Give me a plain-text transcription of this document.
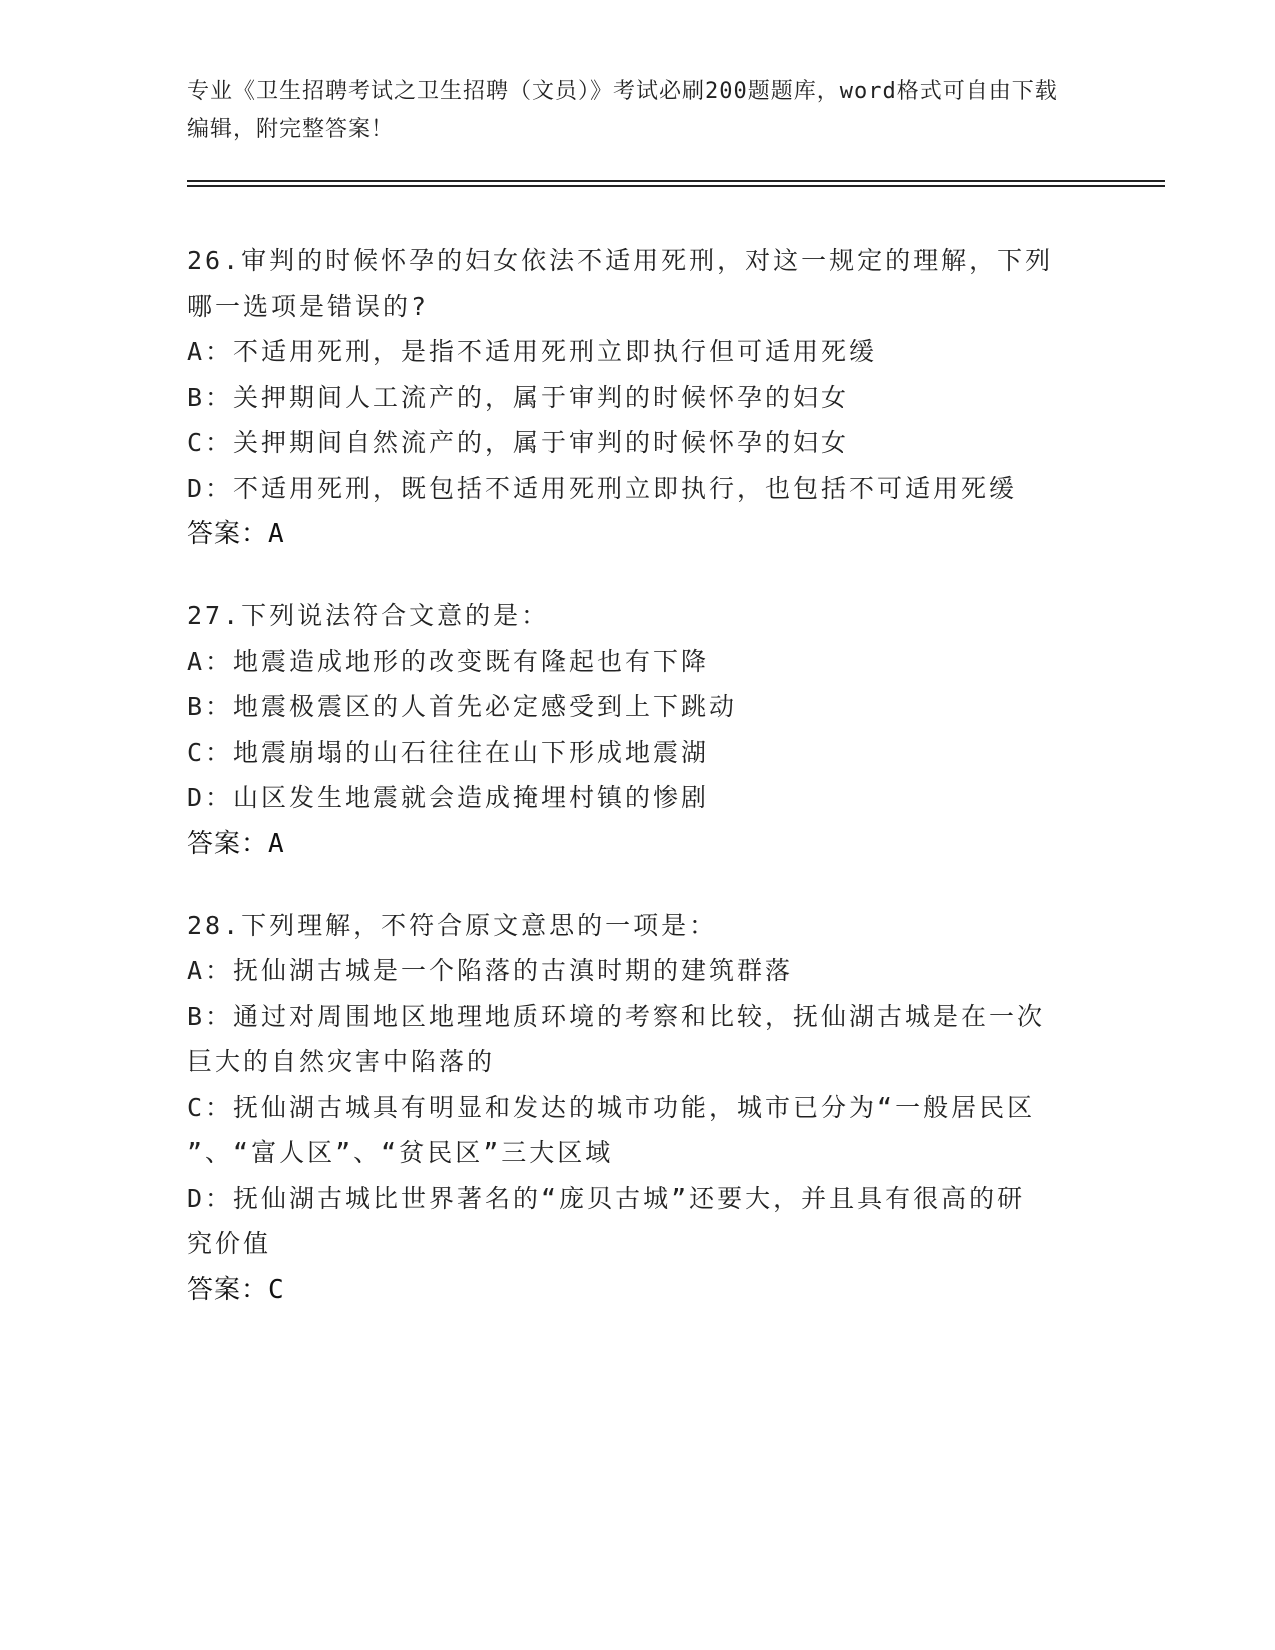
专业《卫生招聘考试之卫生招聘（文员）》考试必刷200题题库，word格式可自由下载编辑，附完整答案！
26.审判的时候怀孕的妇女依法不适用死刑，对这一规定的理解，下列
哪一选项是错误的?
A：不适用死刑，是指不适用死刑立即执行但可适用死缓
B：关押期间人工流产的，属于审判的时候怀孕的妇女
C：关押期间自然流产的，属于审判的时候怀孕的妇女
D：不适用死刑，既包括不适用死刑立即执行，也包括不可适用死缓
答案：A
27.下列说法符合文意的是：
A：地震造成地形的改变既有隆起也有下降
B：地震极震区的人首先必定感受到上下跳动
C：地震崩塌的山石往往在山下形成地震湖
D：山区发生地震就会造成掩埋村镇的惨剧
答案：A
28.下列理解，不符合原文意思的一项是：
A：抚仙湖古城是一个陷落的古滇时期的建筑群落
B：通过对周围地区地理地质环境的考察和比较，抚仙湖古城是在一次
巨大的自然灾害中陷落的
C：抚仙湖古城具有明显和发达的城市功能，城市已分为“一般居民区
”、“富人区”、“贫民区”三大区域
D：抚仙湖古城比世界著名的“庞贝古城”还要大，并且具有很高的研
究价值
答案：C
